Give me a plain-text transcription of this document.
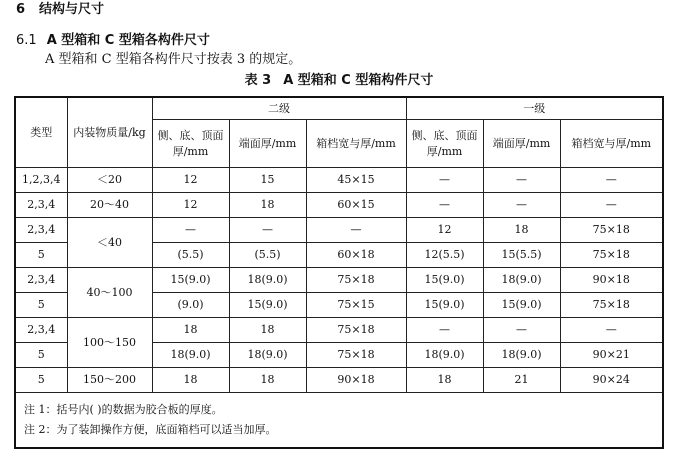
6 结构与尺寸
6.1 A 型箱和 C 型箱各构件尺寸
A 型箱和 C 型箱各构件尺寸按表 3 的规定。
表 3 A 型箱和 C 型箱构件尺寸
类型	内装物质量/kg	二级			一级		
		侧、底、顶面厚/mm	端面厚/mm	箱档宽与厚/mm	侧、底、顶面厚/mm	端面厚/mm	箱档宽与厚/mm
1,2,3,4	＜20	12	15	45×15	—	—	—
2,3,4	20～40	12	18	60×15	—	—	—
2,3,4	＜40	—	—	—	12	18	75×18
5		(5.5)	(5.5)	60×18	12(5.5)	15(5.5)	75×18
2,3,4	40～100	15(9.0)	18(9.0)	75×18	15(9.0)	18(9.0)	90×18
5		(9.0)	15(9.0)	75×15	15(9.0)	15(9.0)	75×18
2,3,4	100～150	18	18	75×18	—	—	—
5		18(9.0)	18(9.0)	75×18	18(9.0)	18(9.0)	90×21
5	150～200	18	18	90×18	18	21	90×24

注 1：括号内( )的数据为胶合板的厚度。
注 2：为了装卸操作方便，底面箱档可以适当加厚。							
